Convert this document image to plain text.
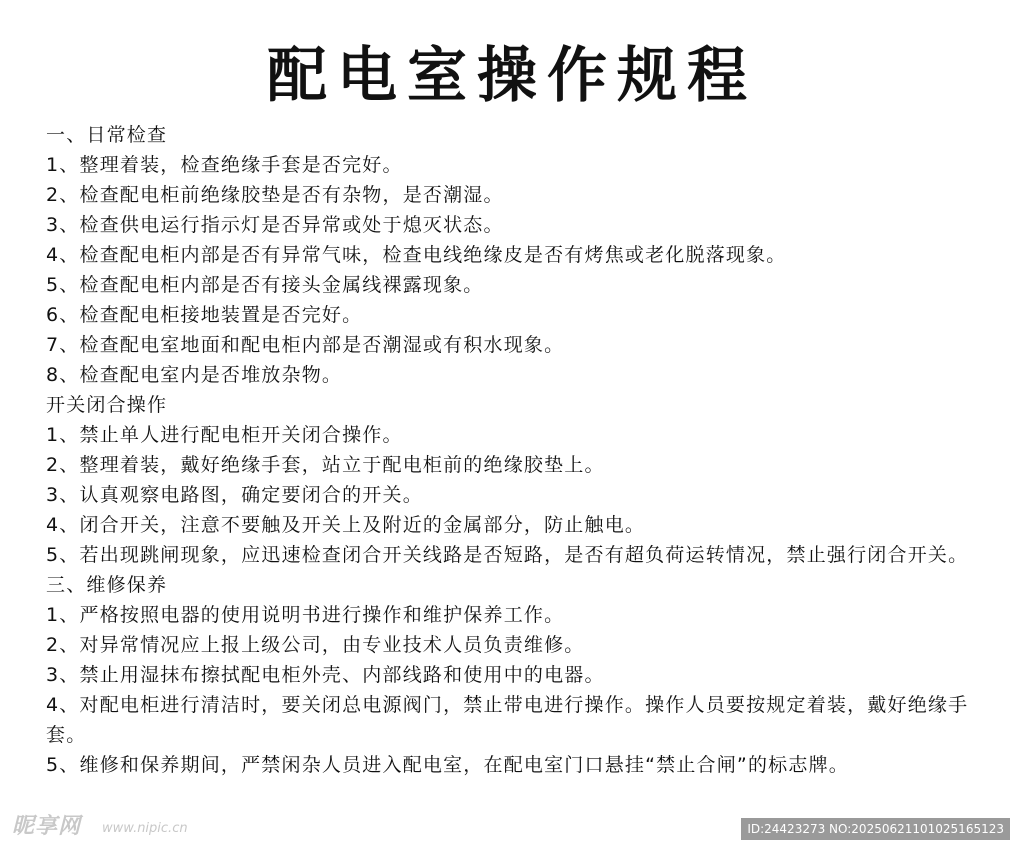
配电室操作规程
一、日常检查
1、整理着装，检查绝缘手套是否完好。
2、检查配电柜前绝缘胶垫是否有杂物，是否潮湿。
3、检查供电运行指示灯是否异常或处于熄灭状态。
4、检查配电柜内部是否有异常气味，检查电线绝缘皮是否有烤焦或老化脱落现象。
5、检查配电柜内部是否有接头金属线裸露现象。
6、检查配电柜接地装置是否完好。
7、检查配电室地面和配电柜内部是否潮湿或有积水现象。
8、检查配电室内是否堆放杂物。
开关闭合操作
1、禁止单人进行配电柜开关闭合操作。
2、整理着装，戴好绝缘手套，站立于配电柜前的绝缘胶垫上。
3、认真观察电路图，确定要闭合的开关。
4、闭合开关，注意不要触及开关上及附近的金属部分，防止触电。
5、若出现跳闸现象，应迅速检查闭合开关线路是否短路，是否有超负荷运转情况，禁止强行闭合开关。
三、维修保养
1、严格按照电器的使用说明书进行操作和维护保养工作。
2、对异常情况应上报上级公司，由专业技术人员负责维修。
3、禁止用湿抹布擦拭配电柜外壳、内部线路和使用中的电器。
4、对配电柜进行清洁时，要关闭总电源阀门，禁止带电进行操作。操作人员要按规定着装，戴好绝缘手套。
5、维修和保养期间，严禁闲杂人员进入配电室，在配电室门口悬挂“禁止合闸”的标志牌。
昵享网 www.nipic.cn	ID:24423273 NO:20250621101025165123
